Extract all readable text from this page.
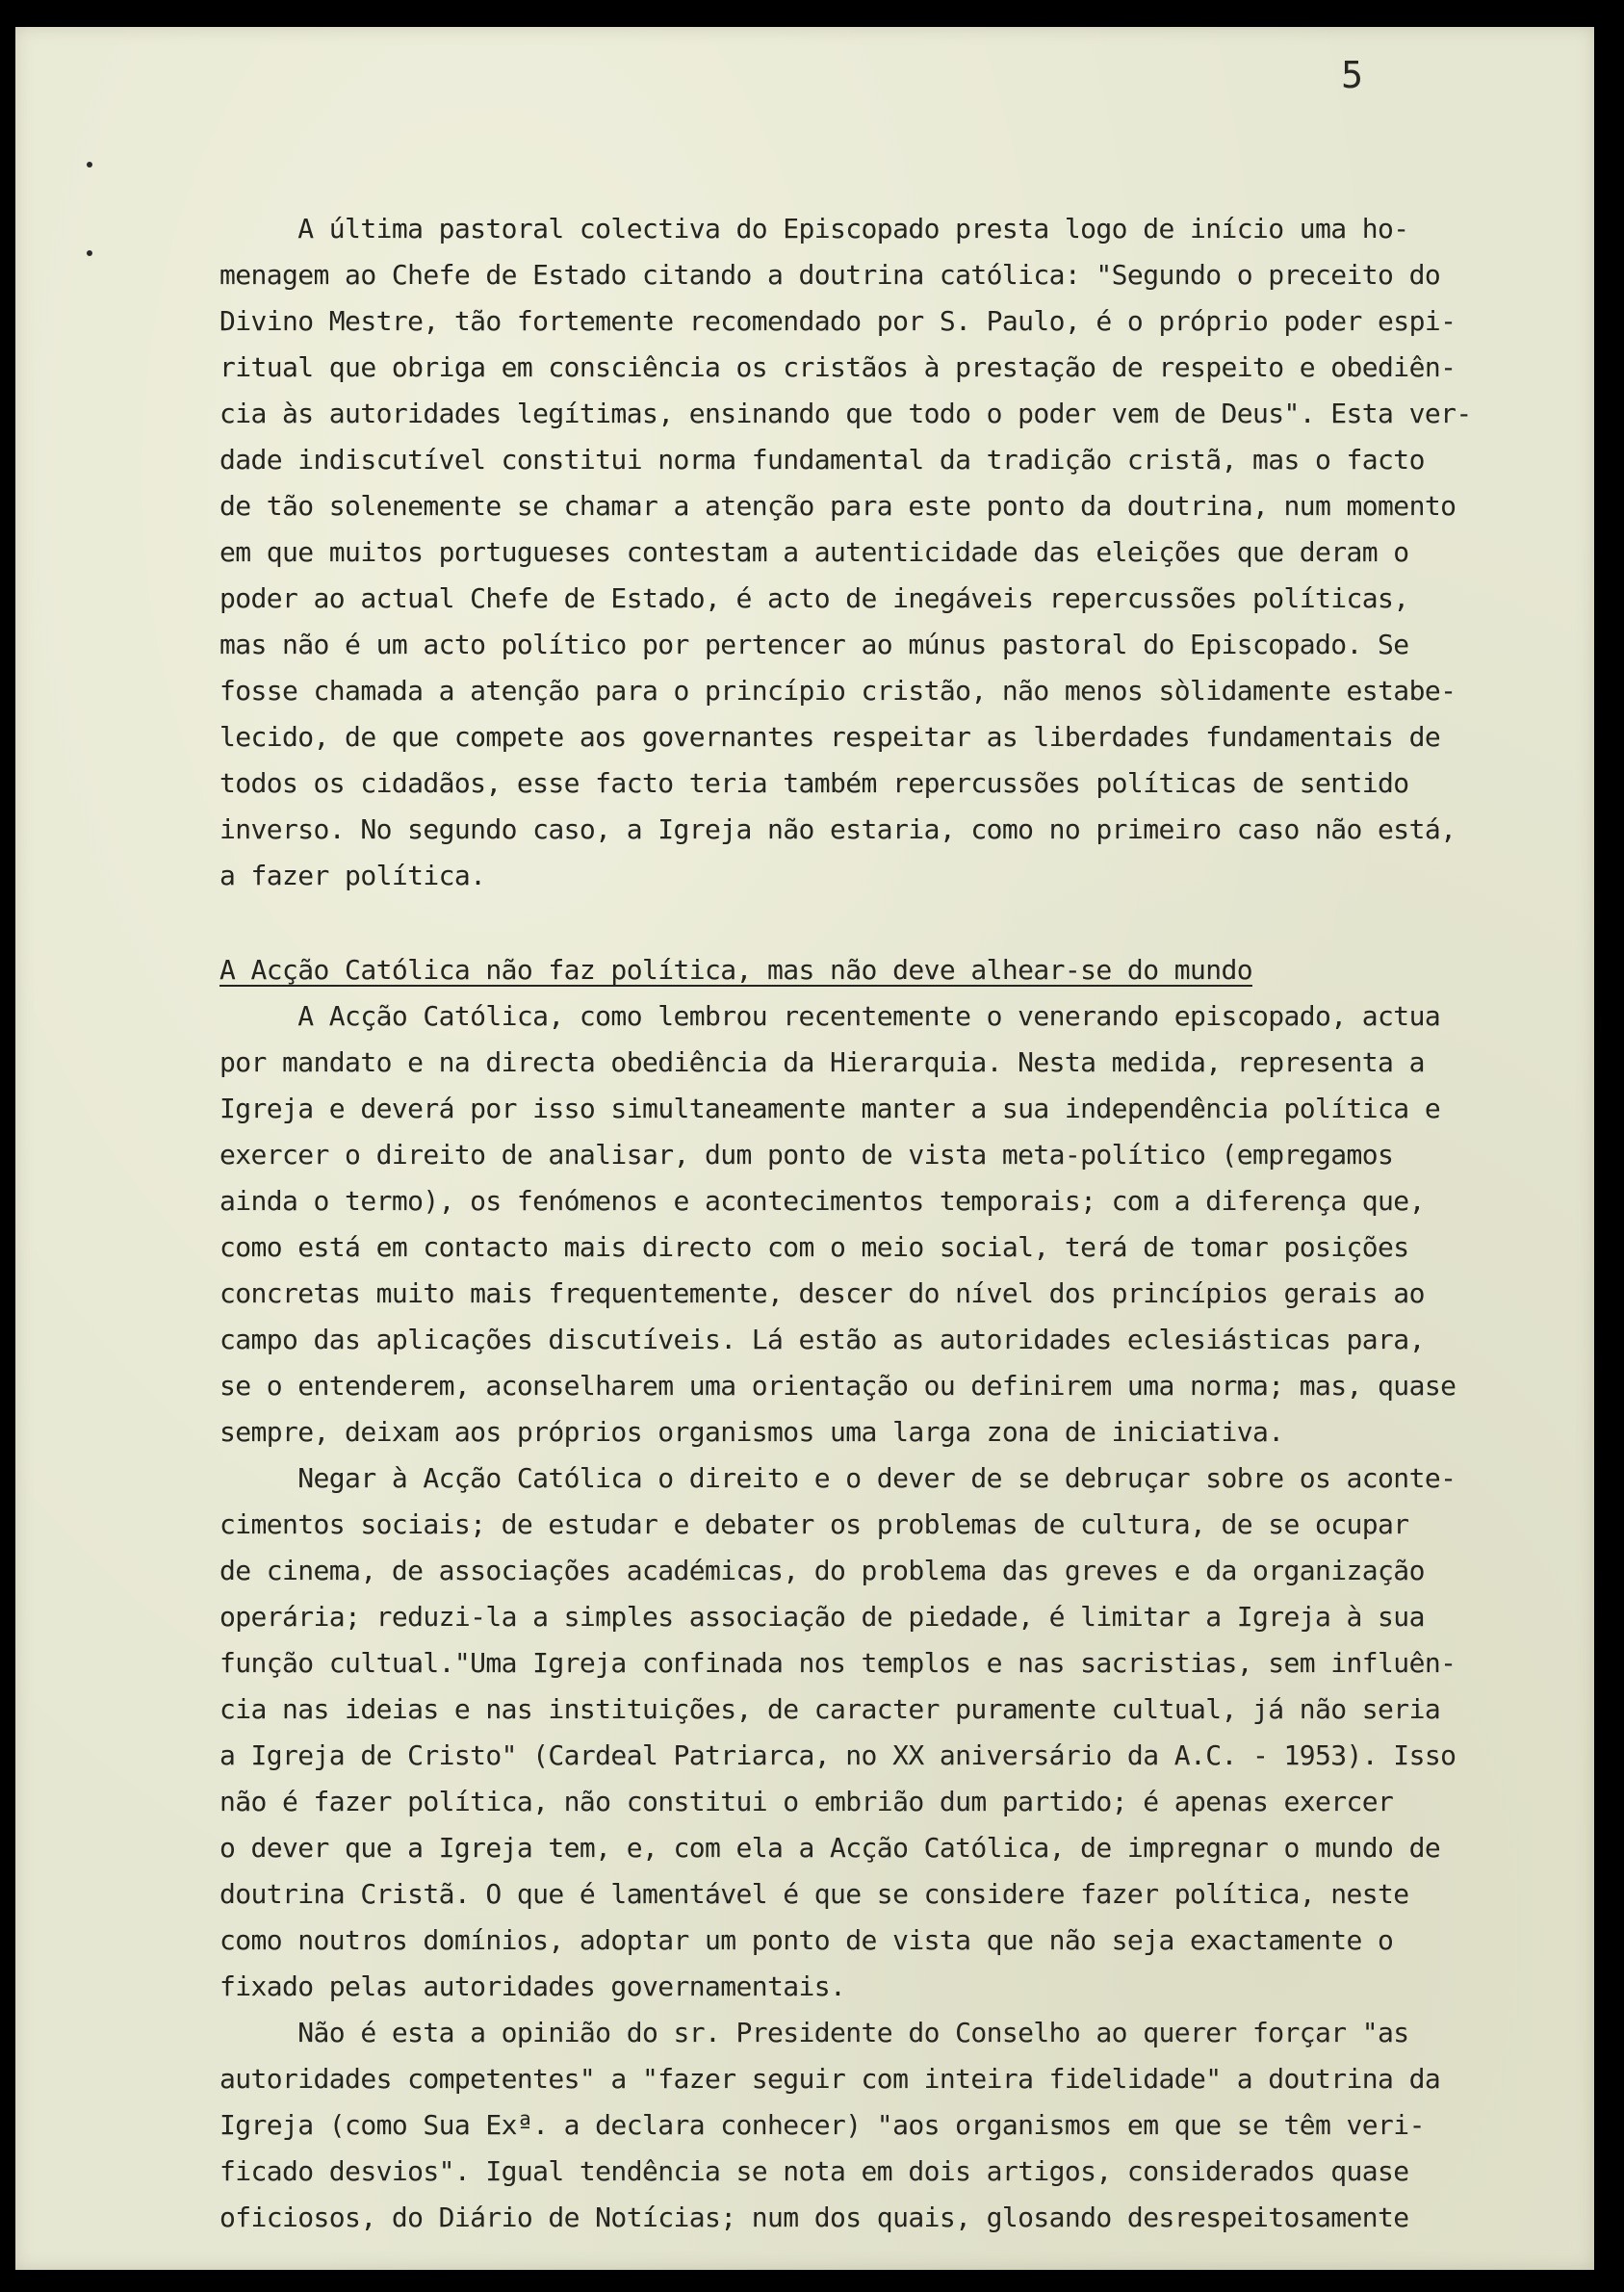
5
A última pastoral colectiva do Episcopado presta logo de início uma ho-
menagem ao Chefe de Estado citando a doutrina católica: "Segundo o preceito do
Divino Mestre, tão fortemente recomendado por S. Paulo, é o próprio poder espi-
ritual que obriga em consciência os cristãos à prestação de respeito e obediên-
cia às autoridades legítimas, ensinando que todo o poder vem de Deus". Esta ver-
dade indiscutível constitui norma fundamental da tradição cristã, mas o facto
de tão solenemente se chamar a atenção para este ponto da doutrina, num momento
em que muitos portugueses contestam a autenticidade das eleições que deram o
poder ao actual Chefe de Estado, é acto de inegáveis repercussões políticas,
mas não é um acto político por pertencer ao múnus pastoral do Episcopado. Se
fosse chamada a atenção para o princípio cristão, não menos sòlidamente estabe-
lecido, de que compete aos governantes respeitar as liberdades fundamentais de
todos os cidadãos, esse facto teria também repercussões políticas de sentido
inverso. No segundo caso, a Igreja não estaria, como no primeiro caso não está,
a fazer política.
A Acção Católica não faz política, mas não deve alhear-se do mundo
A Acção Católica, como lembrou recentemente o venerando episcopado, actua
por mandato e na directa obediência da Hierarquia. Nesta medida, representa a
Igreja e deverá por isso simultaneamente manter a sua independência política e
exercer o direito de analisar, dum ponto de vista meta-político (empregamos
ainda o termo), os fenómenos e acontecimentos temporais; com a diferença que,
como está em contacto mais directo com o meio social, terá de tomar posições
concretas muito mais frequentemente, descer do nível dos princípios gerais ao
campo das aplicações discutíveis. Lá estão as autoridades eclesiásticas para,
se o entenderem, aconselharem uma orientação ou definirem uma norma; mas, quase
sempre, deixam aos próprios organismos uma larga zona de iniciativa.
Negar à Acção Católica o direito e o dever de se debruçar sobre os aconte-
cimentos sociais; de estudar e debater os problemas de cultura, de se ocupar
de cinema, de associações académicas, do problema das greves e da organização
operária; reduzi-la a simples associação de piedade, é limitar a Igreja à sua
função cultual."Uma Igreja confinada nos templos e nas sacristias, sem influên-
cia nas ideias e nas instituições, de caracter puramente cultual, já não seria
a Igreja de Cristo" (Cardeal Patriarca, no XX aniversário da A.C. - 1953). Isso
não é fazer política, não constitui o embrião dum partido; é apenas exercer
o dever que a Igreja tem, e, com ela a Acção Católica, de impregnar o mundo de
doutrina Cristã. O que é lamentável é que se considere fazer política, neste
como noutros domínios, adoptar um ponto de vista que não seja exactamente o
fixado pelas autoridades governamentais.
Não é esta a opinião do sr. Presidente do Conselho ao querer forçar "as
autoridades competentes" a "fazer seguir com inteira fidelidade" a doutrina da
Igreja (como Sua Exª. a declara conhecer) "aos organismos em que se têm veri-
ficado desvios". Igual tendência se nota em dois artigos, considerados quase
oficiosos, do Diário de Notícias; num dos quais, glosando desrespeitosamente
